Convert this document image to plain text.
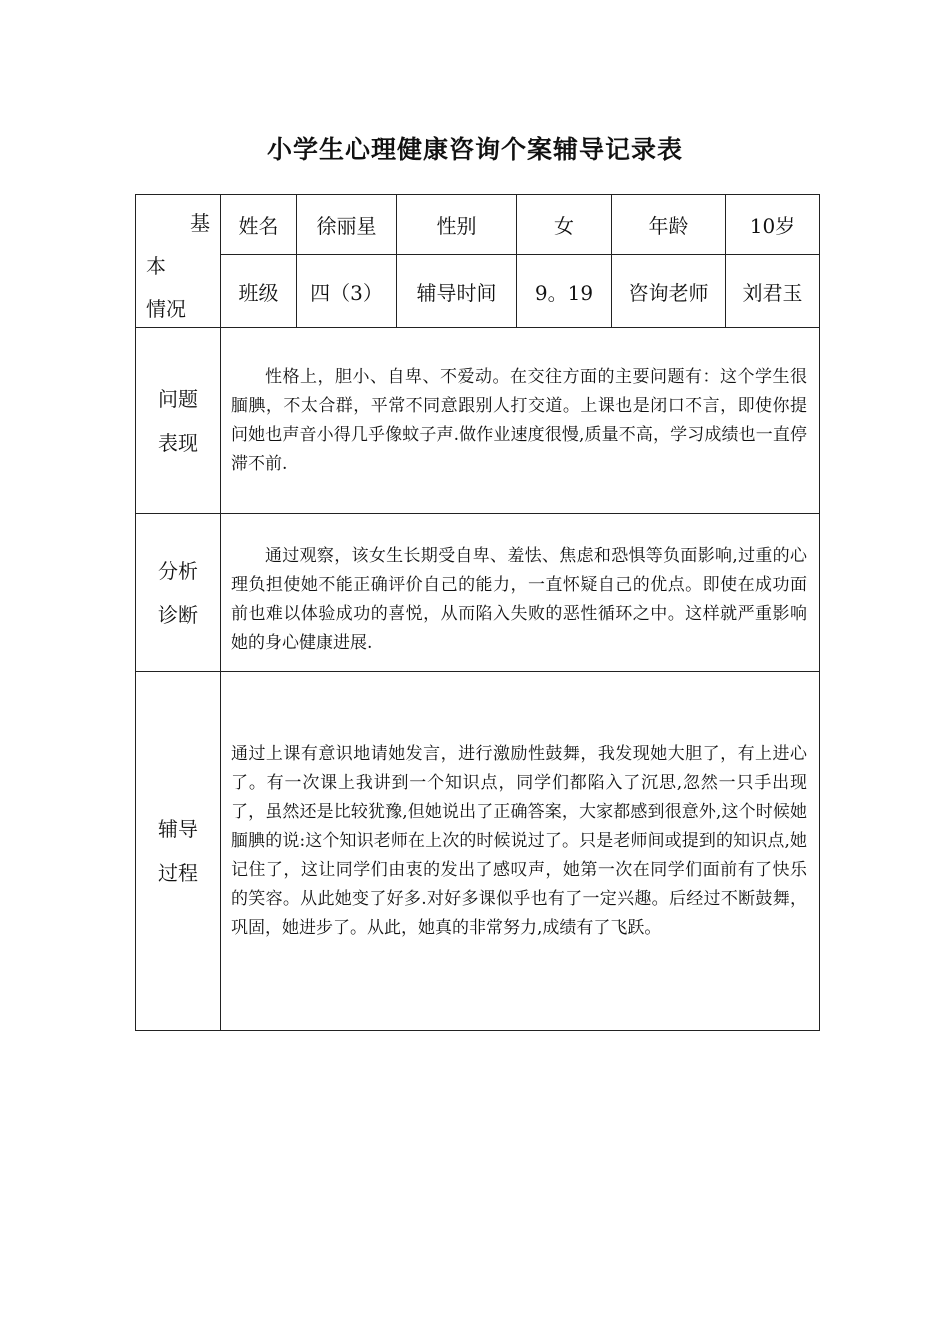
小学生心理健康咨询个案辅导记录表
基
本
情况
姓名	徐丽星	性别	女	年龄	10岁
班级	四（3）	辅导时间	9。19	咨询老师	刘君玉
问题
表现

性格上，胆小、自卑、不爱动。在交往方面的主要问题有：这个学生很腼腆，不太合群，平常不同意跟别人打交道。上课也是闭口不言，即使你提问她也声音小得几乎像蚊子声.做作业速度很慢,质量不高，学习成绩也一直停滞不前.

分析
诊断

通过观察，该女生长期受自卑、羞怯、焦虑和恐惧等负面影响,过重的心理负担使她不能正确评价自己的能力，一直怀疑自己的优点。即使在成功面前也难以体验成功的喜悦，从而陷入失败的恶性循环之中。这样就严重影响她的身心健康进展.

辅导
过程

通过上课有意识地请她发言，进行激励性鼓舞，我发现她大胆了，有上进心了。有一次课上我讲到一个知识点，同学们都陷入了沉思,忽然一只手出现了，虽然还是比较犹豫,但她说出了正确答案，大家都感到很意外,这个时候她腼腆的说:这个知识老师在上次的时候说过了。只是老师间或提到的知识点,她记住了，这让同学们由衷的发出了感叹声，她第一次在同学们面前有了快乐的笑容。从此她变了好多.对好多课似乎也有了一定兴趣。后经过不断鼓舞，巩固，她进步了。从此，她真的非常努力,成绩有了飞跃。
